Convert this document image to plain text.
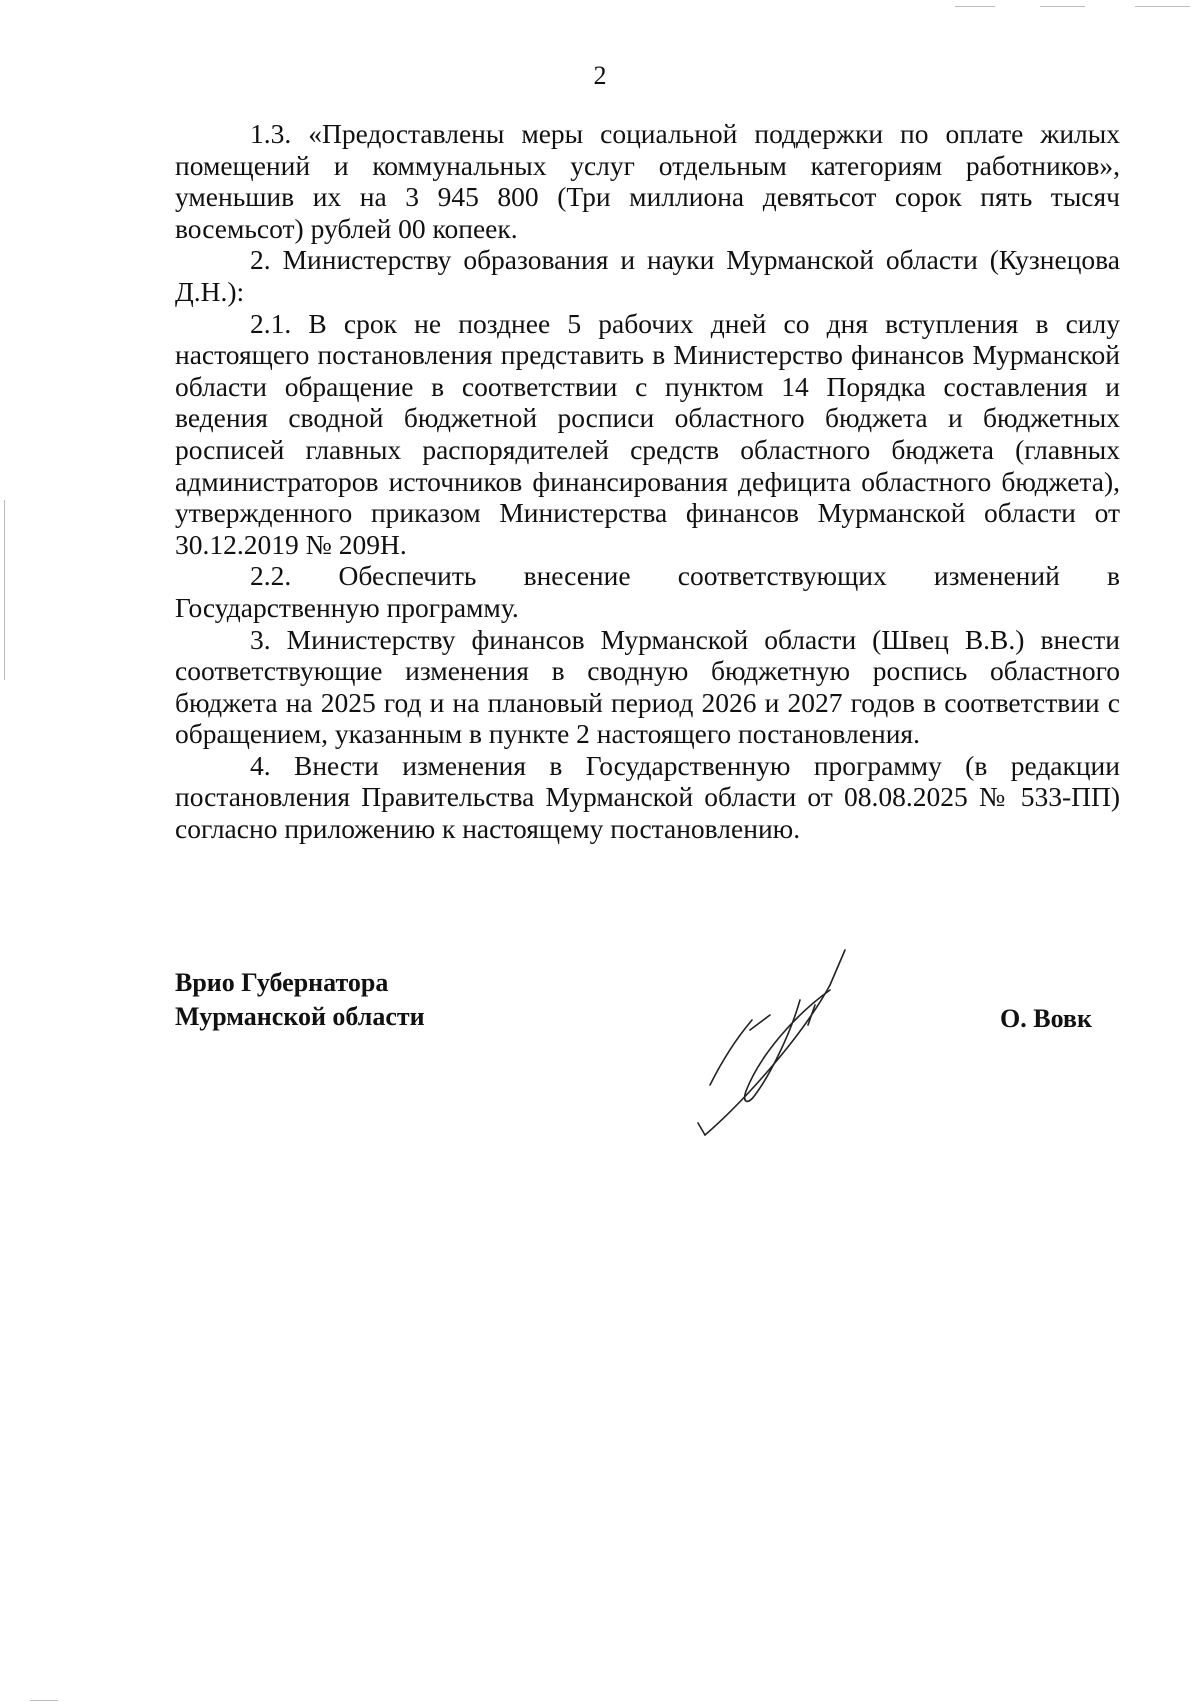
2

1.3. «Предоставлены меры социальной поддержки по оплате жилых помещений и коммунальных услуг отдельным категориям работников», уменьшив их на 3 945 800 (Три миллиона девятьсот сорок пять тысяч восемьсот) рублей 00 копеек.

2. Министерству образования и науки Мурманской области (Кузнецова Д.Н.):

2.1. В срок не позднее 5 рабочих дней со дня вступления в силу настоящего постановления представить в Министерство финансов Мурманской области обращение в соответствии с пунктом 14 Порядка составления и ведения сводной бюджетной росписи областного бюджета и бюджетных росписей главных распорядителей средств областного бюджета (главных администраторов источников финансирования дефицита областного бюджета), утвержденного приказом Министерства финансов Мурманской области от 30.12.2019 № 209Н.

2.2. Обеспечить внесение соответствующих изменений в Государственную программу.

3. Министерству финансов Мурманской области (Швец В.В.) внести соответствующие изменения в сводную бюджетную роспись областного бюджета на 2025 год и на плановый период 2026 и 2027 годов в соответствии с обращением, указанным в пункте 2 настоящего постановления.

4. Внести изменения в Государственную программу (в редакции постановления Правительства Мурманской области от 08.08.2025 № 533-ПП) согласно приложению к настоящему постановлению.

Врио Губернатора
Мурманской области	О. Вовк
